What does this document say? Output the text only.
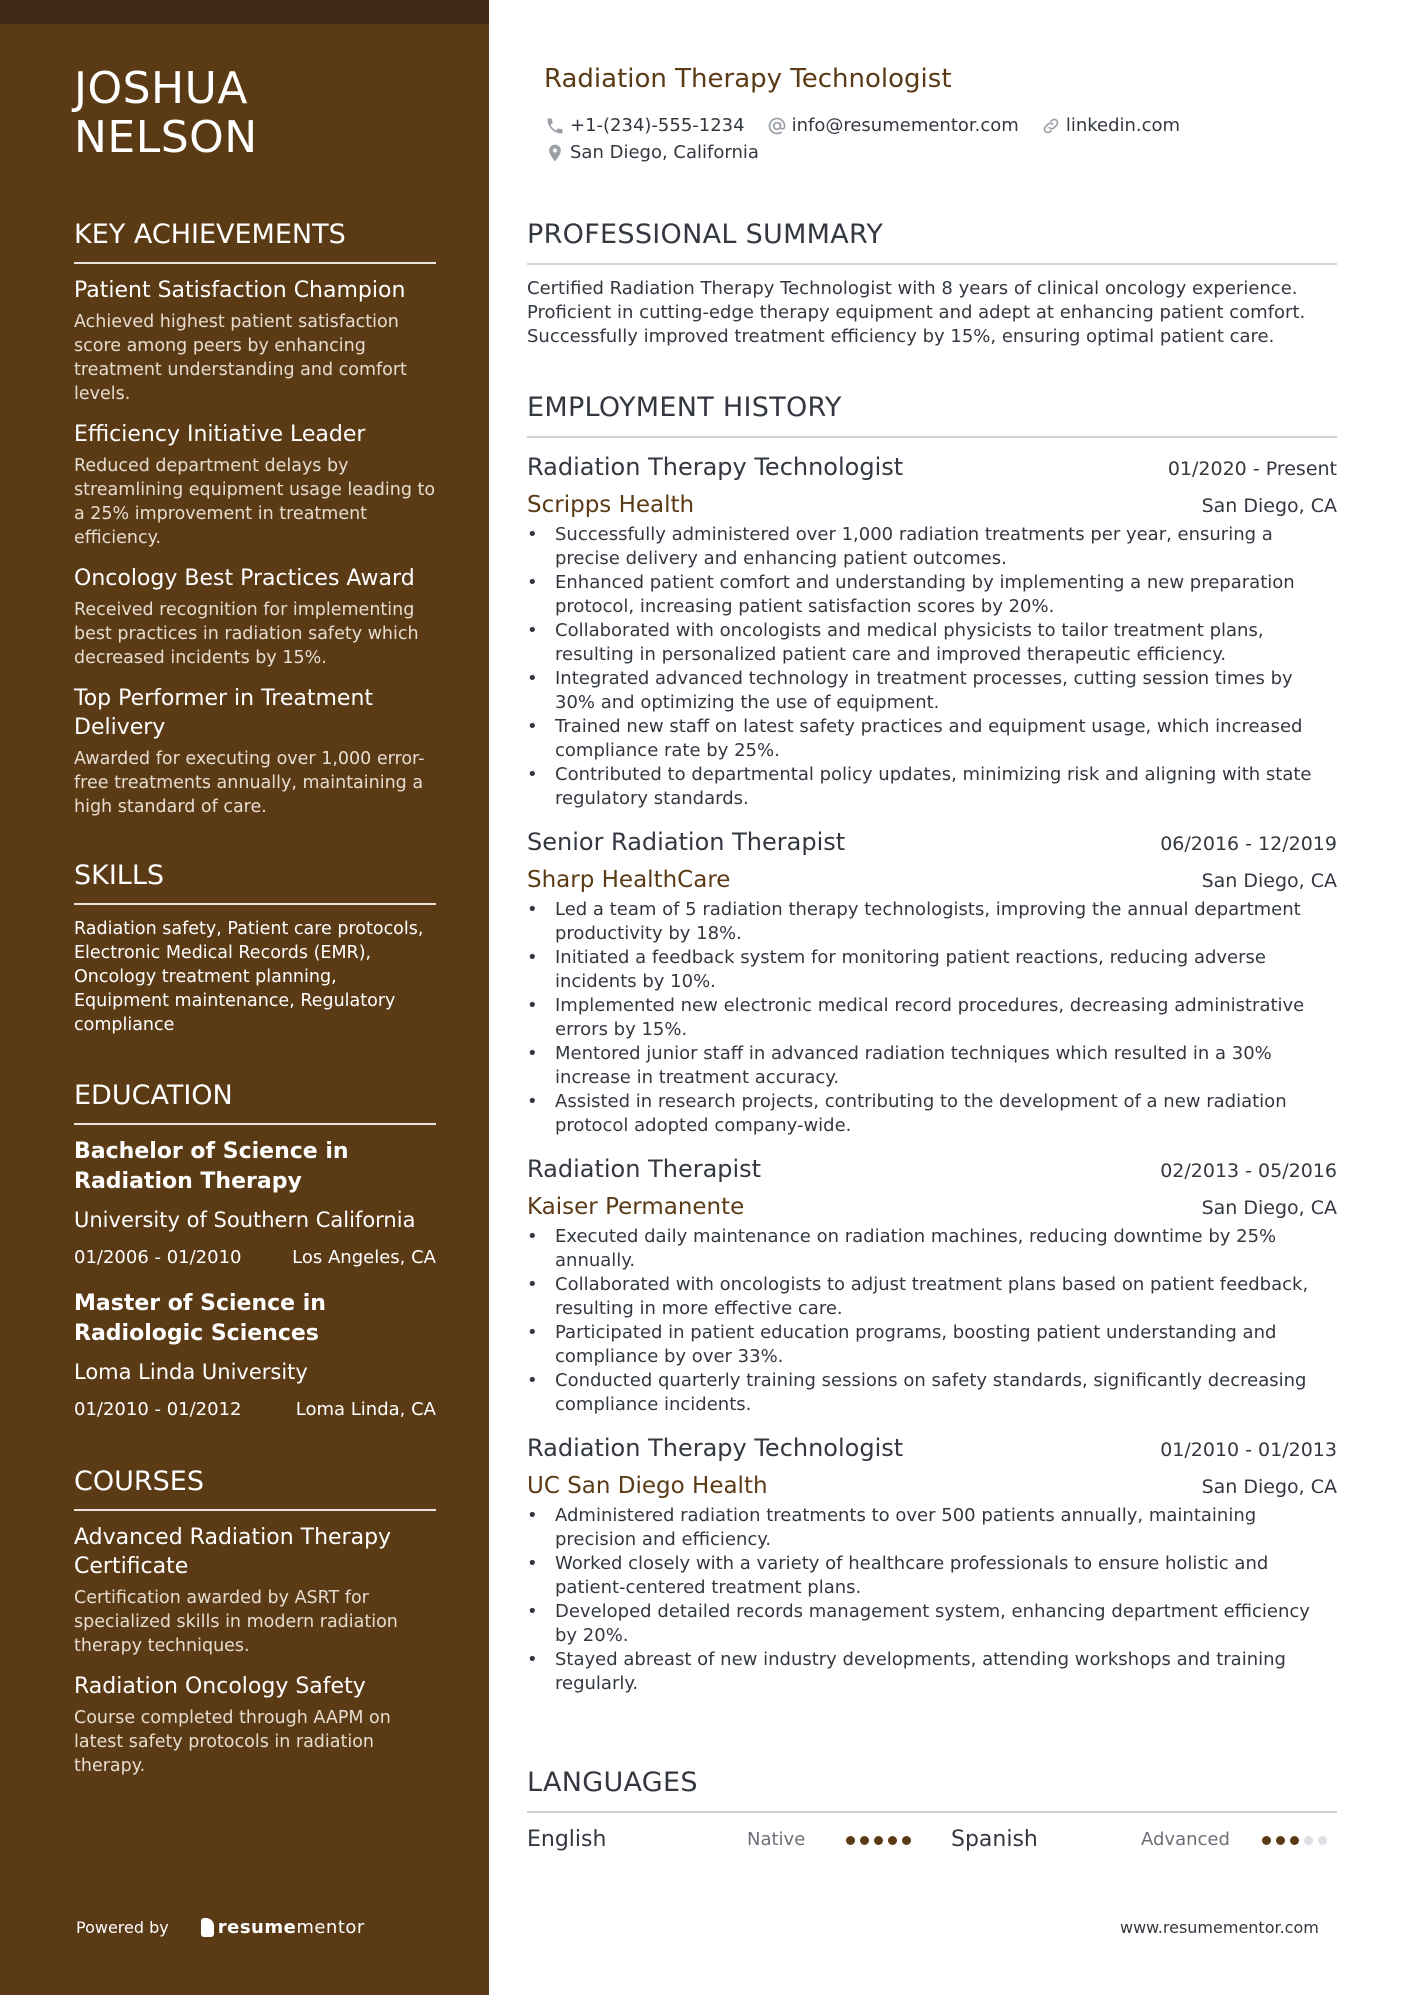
JOSHUA
NELSON
KEY ACHIEVEMENTS
Patient Satisfaction Champion
Achieved highest patient satisfaction score among peers by enhancing treatment understanding and comfort levels.
Efficiency Initiative Leader
Reduced department delays by streamlining equipment usage leading to a 25% improvement in treatment efficiency.
Oncology Best Practices Award
Received recognition for implementing best practices in radiation safety which decreased incidents by 15%.
Top Performer in Treatment Delivery
Awarded for executing over 1,000 error-free treatments annually, maintaining a high standard of care.
SKILLS
Radiation safety, Patient care protocols, Electronic Medical Records (EMR), Oncology treatment planning, Equipment maintenance, Regulatory compliance
EDUCATION
Bachelor of Science in Radiation Therapy
University of Southern California
01/2006 - 01/2010	Los Angeles, CA
Master of Science in Radiologic Sciences
Loma Linda University
01/2010 - 01/2012	Loma Linda, CA
COURSES
Advanced Radiation Therapy Certificate
Certification awarded by ASRT for specialized skills in modern radiation therapy techniques.
Radiation Oncology Safety
Course completed through AAPM on latest safety protocols in radiation therapy.
Powered by	resume mentor
Radiation Therapy Technologist
+1-(234)-555-1234	info@resumementor.com	linkedin.com
San Diego, California
PROFESSIONAL SUMMARY
Certified Radiation Therapy Technologist with 8 years of clinical oncology experience. Proficient in cutting-edge therapy equipment and adept at enhancing patient comfort. Successfully improved treatment efficiency by 15%, ensuring optimal patient care.
EMPLOYMENT HISTORY
Radiation Therapy Technologist	01/2020 - Present
Scripps Health	San Diego, CA
• Successfully administered over 1,000 radiation treatments per year, ensuring a precise delivery and enhancing patient outcomes.
• Enhanced patient comfort and understanding by implementing a new preparation protocol, increasing patient satisfaction scores by 20%.
• Collaborated with oncologists and medical physicists to tailor treatment plans, resulting in personalized patient care and improved therapeutic efficiency.
• Integrated advanced technology in treatment processes, cutting session times by 30% and optimizing the use of equipment.
• Trained new staff on latest safety practices and equipment usage, which increased compliance rate by 25%.
• Contributed to departmental policy updates, minimizing risk and aligning with state regulatory standards.
Senior Radiation Therapist	06/2016 - 12/2019
Sharp HealthCare	San Diego, CA
• Led a team of 5 radiation therapy technologists, improving the annual department productivity by 18%.
• Initiated a feedback system for monitoring patient reactions, reducing adverse incidents by 10%.
• Implemented new electronic medical record procedures, decreasing administrative errors by 15%.
• Mentored junior staff in advanced radiation techniques which resulted in a 30% increase in treatment accuracy.
• Assisted in research projects, contributing to the development of a new radiation protocol adopted company-wide.
Radiation Therapist	02/2013 - 05/2016
Kaiser Permanente	San Diego, CA
• Executed daily maintenance on radiation machines, reducing downtime by 25% annually.
• Collaborated with oncologists to adjust treatment plans based on patient feedback, resulting in more effective care.
• Participated in patient education programs, boosting patient understanding and compliance by over 33%.
• Conducted quarterly training sessions on safety standards, significantly decreasing compliance incidents.
Radiation Therapy Technologist	01/2010 - 01/2013
UC San Diego Health	San Diego, CA
• Administered radiation treatments to over 500 patients annually, maintaining precision and efficiency.
• Worked closely with a variety of healthcare professionals to ensure holistic and patient-centered treatment plans.
• Developed detailed records management system, enhancing department efficiency by 20%.
• Stayed abreast of new industry developments, attending workshops and training regularly.
LANGUAGES
English	Native	Spanish	Advanced
www.resumementor.com
